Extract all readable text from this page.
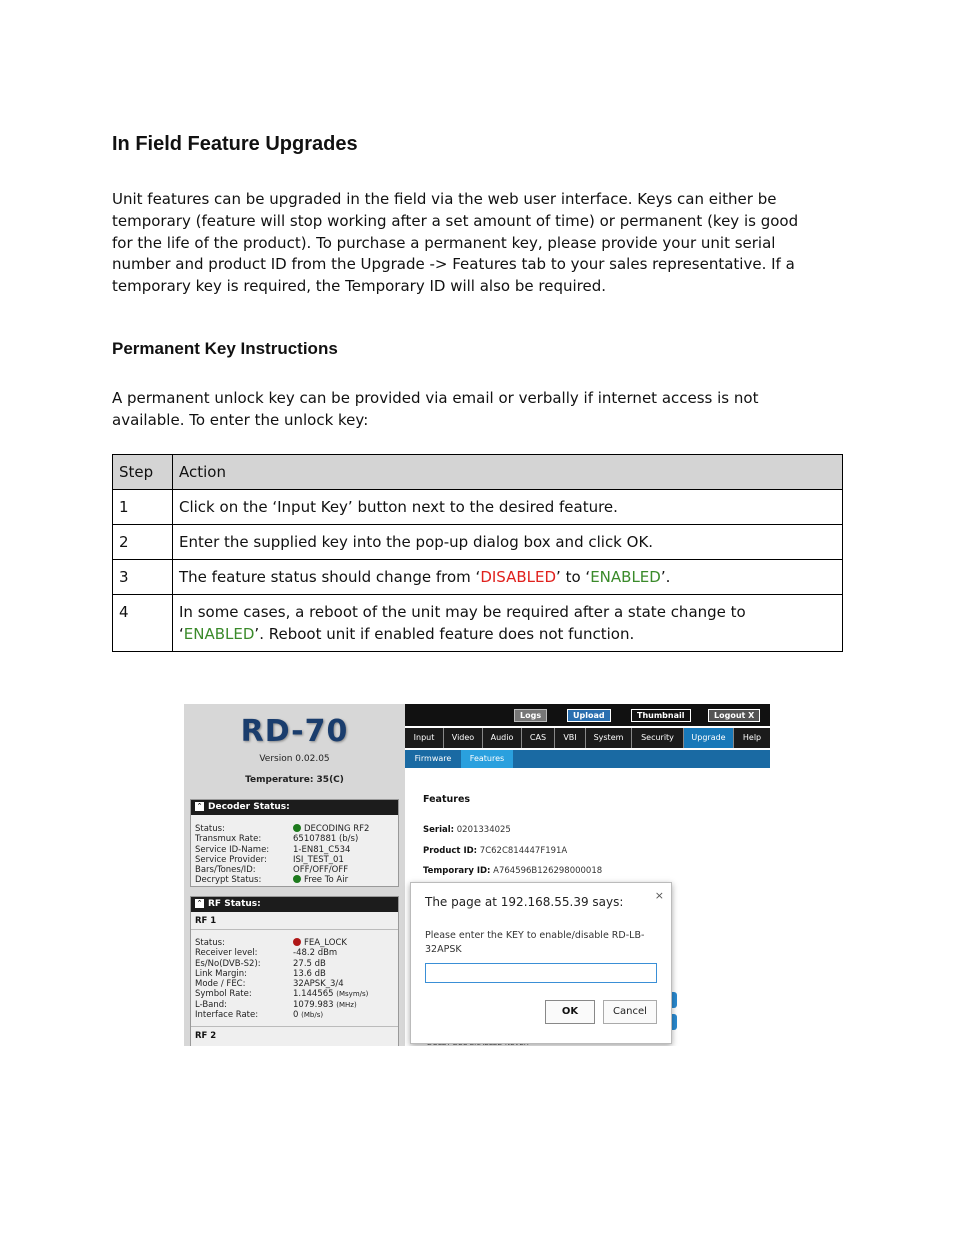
In Field Feature Upgrades
Unit features can be upgraded in the field via the web user interface. Keys can either be
temporary (feature will stop working after a set amount of time) or permanent (key is good
for the life of the product). To purchase a permanent key, please provide your unit serial
number and product ID from the Upgrade -> Features tab to your sales representative. If a
temporary key is required, the Temporary ID will also be required.
Permanent Key Instructions
A permanent unlock key can be provided via email or verbally if internet access is not
available. To enter the unlock key:
Step	Action
1	Click on the ‘Input Key’ button next to the desired feature.
2	Enter the supplied key into the pop-up dialog box and click OK.
3	The feature status should change from ‘DISABLED’ to ‘ENABLED’.
4	In some cases, a reboot of the unit may be required after a state change to
‘ENABLED’. Reboot unit if enabled feature does not function.
RD-70
Version 0.02.05
Temperature: 35(C)
⌃ Decoder Status:
Status:	DECODING RF2
Transmux Rate:	65107881 (b/s)
Service ID-Name:	1-EN81_C534
Service Provider:	ISI_TEST_01
Bars/Tones/ID:	OFF/OFF/OFF
Decrypt Status:	Free To Air
⌃ RF Status:
RF 1
Status:	FEA_LOCK
Receiver level:	-48.2 dBm
Es/No(DVB-S2):	27.5 dB
Link Margin:	13.6 dB
Mode / FEC:	32APSK_3/4
Symbol Rate:	1.144565 (Msym/s)
L-Band:	1079.983 (MHz)
Interface Rate:	0 (Mb/s)
RF 2
Logs	Upload	Thumbnail	Logout X
Input	Video	Audio	CAS	VBI	System	Security	Upgrade	Help
Firmware	Features
Features
Serial: 0201334025
Product ID: 7C62C814447F191A
Temporary ID: A764596B126298000018
The page at 192.168.55.39 says:	×
Please enter the KEY to enable/disable RD-LB-32APSK
OK	Cancel
